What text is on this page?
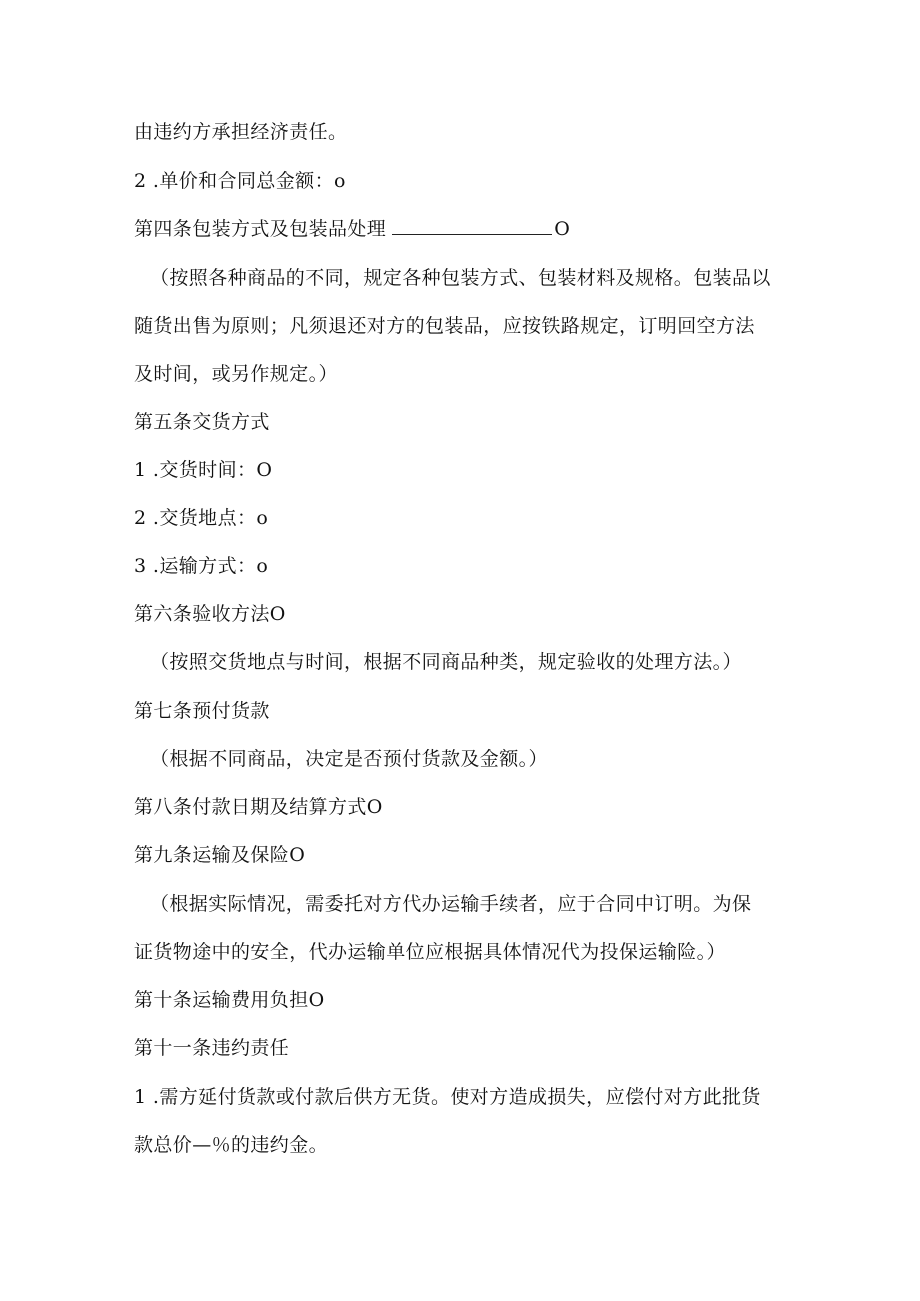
由违约方承担经济责任。
2 .单价和合同总金额：o
第四条包装方式及包装品处理	O
（按照各种商品的不同，规定各种包装方式、包装材料及规格。包装品以
随货出售为原则；凡须退还对方的包装品，应按铁路规定，订明回空方法
及时间，或另作规定。）
第五条交货方式
1 .交货时间：O
2 .交货地点：o
3 .运输方式：o
第六条验收方法O
（按照交货地点与时间，根据不同商品种类，规定验收的处理方法。）
第七条预付货款
（根据不同商品，决定是否预付货款及金额。）
第八条付款日期及结算方式O
第九条运输及保险O
（根据实际情况，需委托对方代办运输手续者，应于合同中订明。为保
证货物途中的安全，代办运输单位应根据具体情况代为投保运输险。）
第十条运输费用负担O
第十一条违约责任
1 .需方延付货款或付款后供方无货。使对方造成损失，应偿付对方此批货
款总价—％的违约金。
